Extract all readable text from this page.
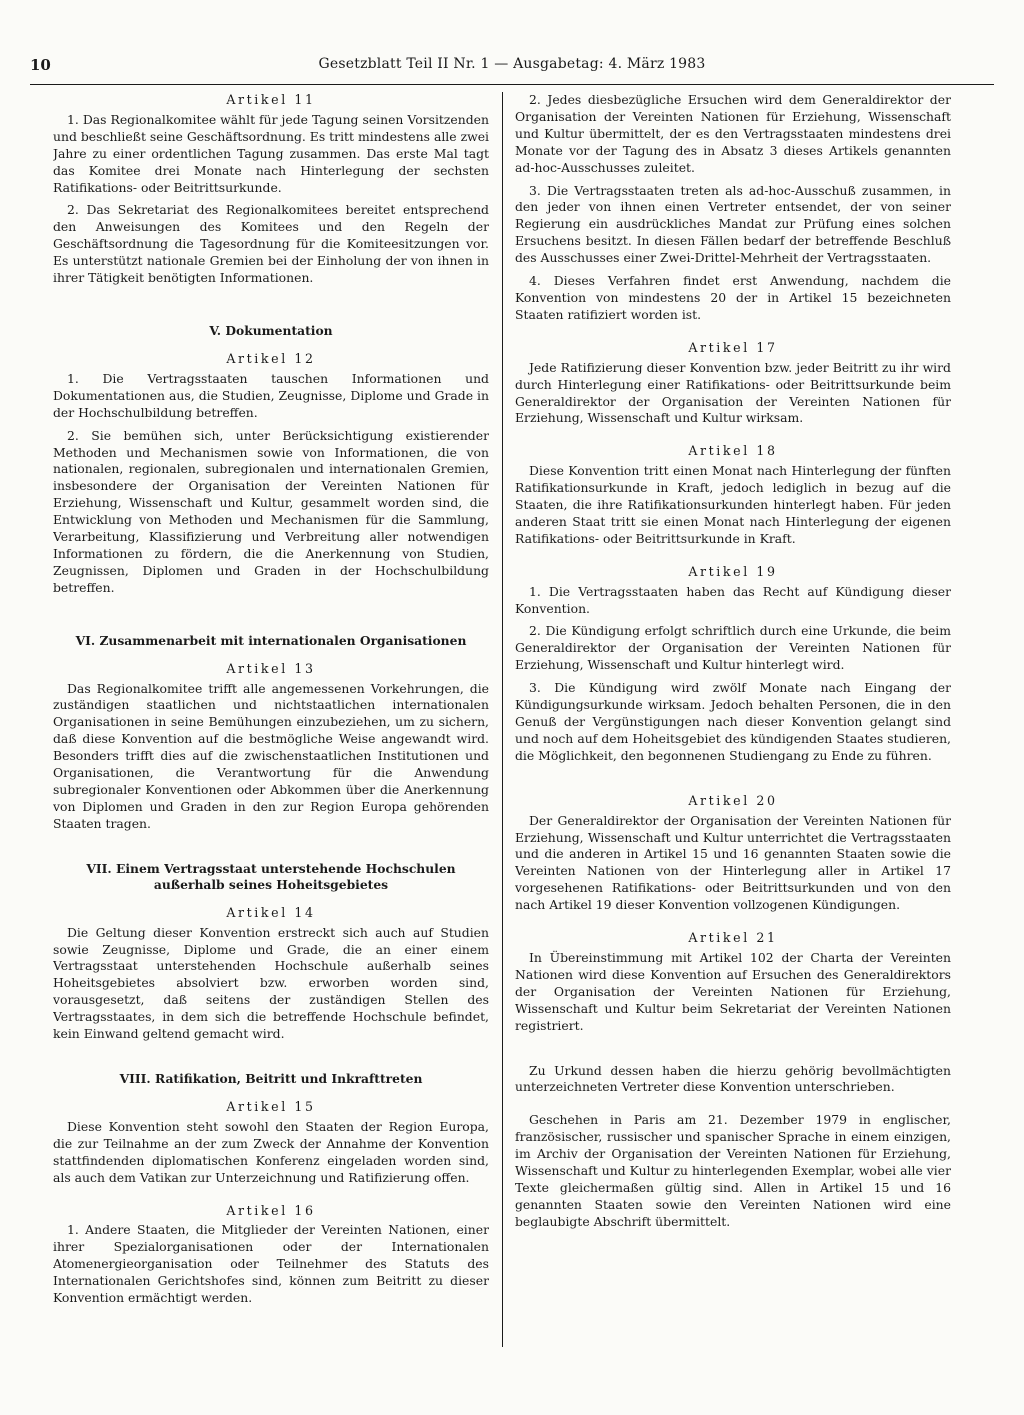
10	Gesetzblatt Teil II Nr. 1 — Ausgabetag: 4. März 1983
Artikel 11

1. Das Regionalkomitee wählt für jede Tagung seinen Vorsitzenden und beschließt seine Geschäftsordnung. Es tritt mindestens alle zwei Jahre zu einer ordentlichen Tagung zusammen. Das erste Mal tagt das Komitee drei Monate nach Hinterlegung der sechsten Ratifikations- oder Beitrittsurkunde.

2. Das Sekretariat des Regionalkomitees bereitet entsprechend den Anweisungen des Komitees und den Regeln der Geschäftsordnung die Tagesordnung für die Komiteesitzungen vor. Es unterstützt nationale Gremien bei der Einholung der von ihnen in ihrer Tätigkeit benötigten Informationen.

V. Dokumentation
Artikel 12

1. Die Vertragsstaaten tauschen Informationen und Dokumentationen aus, die Studien, Zeugnisse, Diplome und Grade in der Hochschulbildung betreffen.

2. Sie bemühen sich, unter Berücksichtigung existierender Methoden und Mechanismen sowie von Informationen, die von nationalen, regionalen, subregionalen und internationalen Gremien, insbesondere der Organisation der Vereinten Nationen für Erziehung, Wissenschaft und Kultur, gesammelt worden sind, die Entwicklung von Methoden und Mechanismen für die Sammlung, Verarbeitung, Klassifizierung und Verbreitung aller notwendigen Informationen zu fördern, die die Anerkennung von Studien, Zeugnissen, Diplomen und Graden in der Hochschulbildung betreffen.

VI. Zusammenarbeit mit internationalen Organisationen
Artikel 13

Das Regionalkomitee trifft alle angemessenen Vorkehrungen, die zuständigen staatlichen und nichtstaatlichen internationalen Organisationen in seine Bemühungen einzubeziehen, um zu sichern, daß diese Konvention auf die bestmögliche Weise angewandt wird. Besonders trifft dies auf die zwischenstaatlichen Institutionen und Organisationen, die Verantwortung für die Anwendung subregionaler Konventionen oder Abkommen über die Anerkennung von Diplomen und Graden in den zur Region Europa gehörenden Staaten tragen.

VII. Einem Vertragsstaat unterstehende Hochschulen
außerhalb seines Hoheitsgebietes
Artikel 14

Die Geltung dieser Konvention erstreckt sich auch auf Studien sowie Zeugnisse, Diplome und Grade, die an einer einem Vertragsstaat unterstehenden Hochschule außerhalb seines Hoheitsgebietes absolviert bzw. erworben worden sind, vorausgesetzt, daß seitens der zuständigen Stellen des Vertragsstaates, in dem sich die betreffende Hochschule befindet, kein Einwand geltend gemacht wird.

VIII. Ratifikation, Beitritt und Inkrafttreten
Artikel 15

Diese Konvention steht sowohl den Staaten der Region Europa, die zur Teilnahme an der zum Zweck der Annahme der Konvention stattfindenden diplomatischen Konferenz eingeladen worden sind, als auch dem Vatikan zur Unterzeichnung und Ratifizierung offen.

Artikel 16

1. Andere Staaten, die Mitglieder der Vereinten Nationen, einer ihrer Spezialorganisationen oder der Internationalen Atomenergieorganisation oder Teilnehmer des Statuts des Internationalen Gerichtshofes sind, können zum Beitritt zu dieser Konvention ermächtigt werden.

2. Jedes diesbezügliche Ersuchen wird dem Generaldirektor der Organisation der Vereinten Nationen für Erziehung, Wissenschaft und Kultur übermittelt, der es den Vertragsstaaten mindestens drei Monate vor der Tagung des in Absatz 3 dieses Artikels genannten ad-hoc-Ausschusses zuleitet.

3. Die Vertragsstaaten treten als ad-hoc-Ausschuß zusammen, in den jeder von ihnen einen Vertreter entsendet, der von seiner Regierung ein ausdrückliches Mandat zur Prüfung eines solchen Ersuchens besitzt. In diesen Fällen bedarf der betreffende Beschluß des Ausschusses einer Zwei-Drittel-Mehrheit der Vertragsstaaten.

4. Dieses Verfahren findet erst Anwendung, nachdem die Konvention von mindestens 20 der in Artikel 15 bezeichneten Staaten ratifiziert worden ist.

Artikel 17

Jede Ratifizierung dieser Konvention bzw. jeder Beitritt zu ihr wird durch Hinterlegung einer Ratifikations- oder Beitrittsurkunde beim Generaldirektor der Organisation der Vereinten Nationen für Erziehung, Wissenschaft und Kultur wirksam.

Artikel 18

Diese Konvention tritt einen Monat nach Hinterlegung der fünften Ratifikationsurkunde in Kraft, jedoch lediglich in bezug auf die Staaten, die ihre Ratifikationsurkunden hinterlegt haben. Für jeden anderen Staat tritt sie einen Monat nach Hinterlegung der eigenen Ratifikations- oder Beitrittsurkunde in Kraft.

Artikel 19

1. Die Vertragsstaaten haben das Recht auf Kündigung dieser Konvention.

2. Die Kündigung erfolgt schriftlich durch eine Urkunde, die beim Generaldirektor der Organisation der Vereinten Nationen für Erziehung, Wissenschaft und Kultur hinterlegt wird.

3. Die Kündigung wird zwölf Monate nach Eingang der Kündigungsurkunde wirksam. Jedoch behalten Personen, die in den Genuß der Vergünstigungen nach dieser Konvention gelangt sind und noch auf dem Hoheitsgebiet des kündigenden Staates studieren, die Möglichkeit, den begonnenen Studiengang zu Ende zu führen.

Artikel 20

Der Generaldirektor der Organisation der Vereinten Nationen für Erziehung, Wissenschaft und Kultur unterrichtet die Vertragsstaaten und die anderen in Artikel 15 und 16 genannten Staaten sowie die Vereinten Nationen von der Hinterlegung aller in Artikel 17 vorgesehenen Ratifikations- oder Beitrittsurkunden und von den nach Artikel 19 dieser Konvention vollzogenen Kündigungen.

Artikel 21

In Übereinstimmung mit Artikel 102 der Charta der Vereinten Nationen wird diese Konvention auf Ersuchen des Generaldirektors der Organisation der Vereinten Nationen für Erziehung, Wissenschaft und Kultur beim Sekretariat der Vereinten Nationen registriert.

Zu Urkund dessen haben die hierzu gehörig bevollmächtigten unterzeichneten Vertreter diese Konvention unterschrieben.

Geschehen in Paris am 21. Dezember 1979 in englischer, französischer, russischer und spanischer Sprache in einem einzigen, im Archiv der Organisation der Vereinten Nationen für Erziehung, Wissenschaft und Kultur zu hinterlegenden Exemplar, wobei alle vier Texte gleichermaßen gültig sind. Allen in Artikel 15 und 16 genannten Staaten sowie den Vereinten Nationen wird eine beglaubigte Abschrift übermittelt.
